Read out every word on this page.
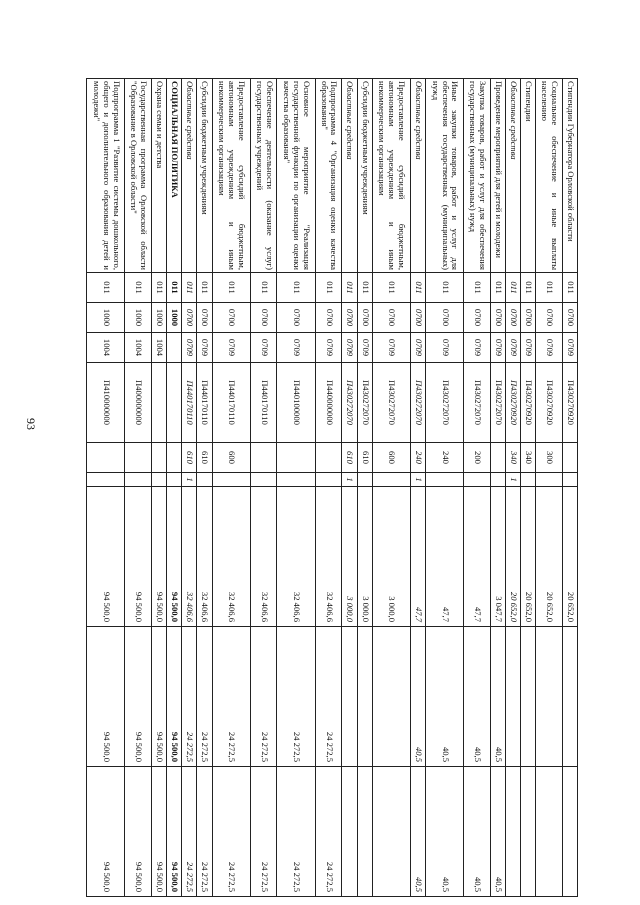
93
Стипендии Губернатора Орловской области	011	0700	0709	П430270920			20 652,0		
Социальное обеспечение и иные выплаты населению	011	0700	0709	П430270920	300		20 652,0		
Стипендии	011	0700	0709	П430270920	340		20 652,0		
Областные средства	011	0700	0709	П430270920	340	1	20 652,0		
Проведение мероприятий для детей и молодежи	011	0700	0709	П430272070			3 047,7	40,5	40,5
Закупка товаров, работ и услуг для обеспечения государственных (муниципальных) нужд	011	0700	0709	П430272070	200		47,7	40,5	40,5
Иные закупки товаров, работ и услуг для обеспечения государственных (муниципальных) нужд	011	0700	0709	П430272070	240		47,7	40,5	40,5
Областные средства	011	0700	0709	П430272070	240	1	47,7	40,5	40,5
Предоставление субсидий бюджетным, автономным учреждениям и иным некоммерческим организациям	011	0700	0709	П430272070	600		3 000,0		
Субсидии бюджетным учреждениям	011	0700	0709	П430272070	610		3 000,0		
Областные средства	011	0700	0709	П430272070	610	1	3 000,0		
Подпрограмма 4 "Организация оценки качества образования"	011	0700	0709	П440000000			32 406,6	24 272,5	24 272,5
Основное мероприятие "Реализация государственной функции по организации оценки качества образования"	011	0700	0709	П440100000			32 406,6	24 272,5	24 272,5
Обеспечение деятельности (оказание услуг) государственных учреждений	011	0700	0709	П440170110			32 406,6	24 272,5	24 272,5
Предоставление субсидий бюджетным, автономным учреждениям и иным некоммерческим организациям	011	0700	0709	П440170110	600		32 406,6	24 272,5	24 272,5
Субсидии бюджетным учреждениям	011	0700	0709	П440170110	610		32 406,6	24 272,5	24 272,5
Областные средства	011	0700	0709	П440170110	610	1	32 406,6	24 272,5	24 272,5
СОЦИАЛЬНАЯ ПОЛИТИКА	011	1000					94 500,0	94 500,0	94 500,0
Охрана семьи и детства	011	1000	1004				94 500,0	94 500,0	94 500,0
Государственная программа Орловской области "Образование в Орловской области"	011	1000	1004	П400000000			94 500,0	94 500,0	94 500,0
Подпрограмма 1 "Развитие системы дошкольного, общего и дополнительного образования детей и молодежи"	011	1000	1004	П410000000			94 500,0	94 500,0	94 500,0
